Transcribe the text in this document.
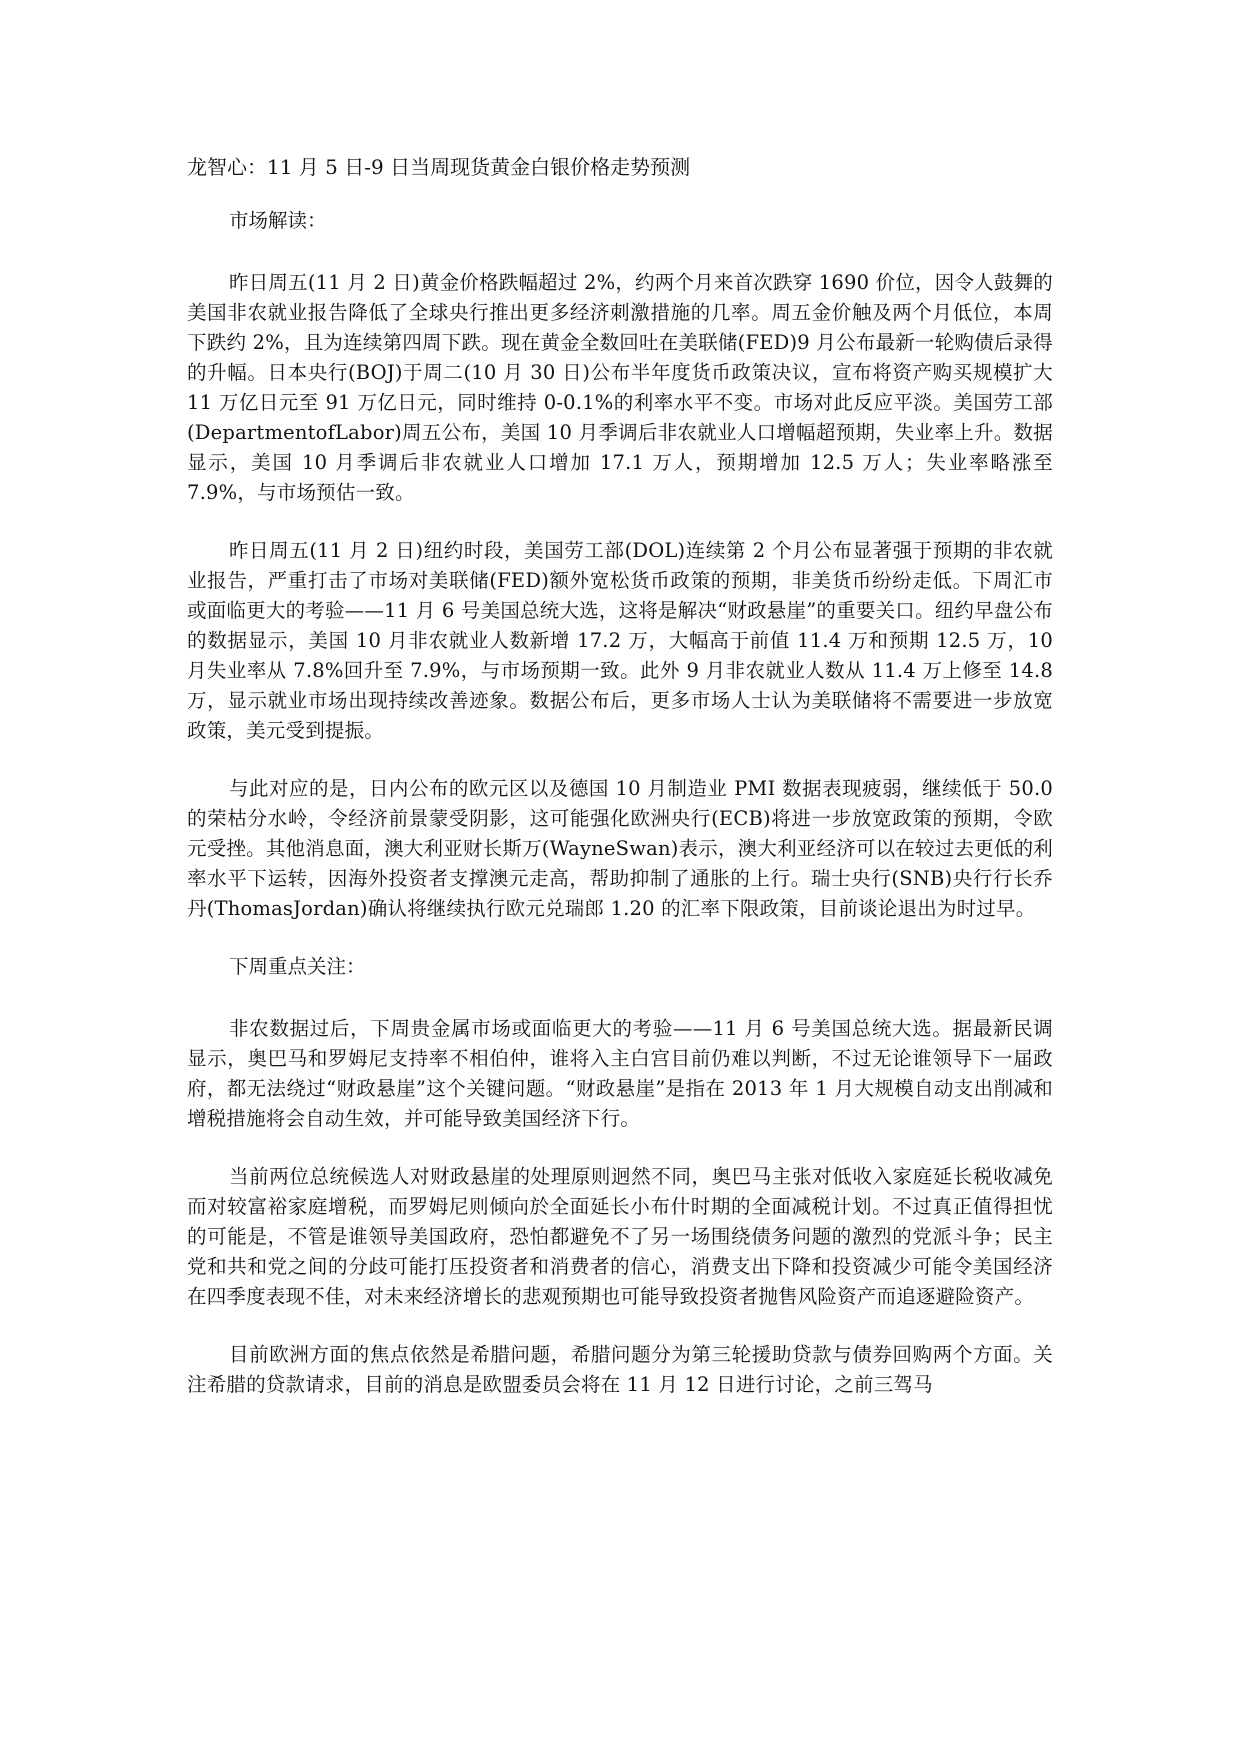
龙智心：11 月 5 日-9 日当周现货黄金白银价格走势预测
市场解读：

昨日周五(11 月 2 日)黄金价格跌幅超过 2%，约两个月来首次跌穿 1690 价位，因令人鼓舞的美国非农就业报告降低了全球央行推出更多经济刺激措施的几率。周五金价触及两个月低位，本周下跌约 2%，且为连续第四周下跌。现在黄金全数回吐在美联储(FED)9 月公布最新一轮购债后录得的升幅。日本央行(BOJ)于周二(10 月 30 日)公布半年度货币政策决议，宣布将资产购买规模扩大 11 万亿日元至 91 万亿日元，同时维持 0-0.1%的利率水平不变。市场对此反应平淡。美国劳工部(DepartmentofLabor)周五公布，美国 10 月季调后非农就业人口增幅超预期，失业率上升。数据显示，美国 10 月季调后非农就业人口增加 17.1 万人，预期增加 12.5 万人；失业率略涨至 7.9%，与市场预估一致。

昨日周五(11 月 2 日)纽约时段，美国劳工部(DOL)连续第 2 个月公布显著强于预期的非农就业报告，严重打击了市场对美联储(FED)额外宽松货币政策的预期，非美货币纷纷走低。下周汇市或面临更大的考验——11 月 6 号美国总统大选，这将是解决“财政悬崖”的重要关口。纽约早盘公布的数据显示，美国 10 月非农就业人数新增 17.2 万，大幅高于前值 11.4 万和预期 12.5 万，10 月失业率从 7.8%回升至 7.9%，与市场预期一致。此外 9 月非农就业人数从 11.4 万上修至 14.8 万，显示就业市场出现持续改善迹象。数据公布后，更多市场人士认为美联储将不需要进一步放宽政策，美元受到提振。

与此对应的是，日内公布的欧元区以及德国 10 月制造业 PMI 数据表现疲弱，继续低于 50.0 的荣枯分水岭，令经济前景蒙受阴影，这可能强化欧洲央行(ECB)将进一步放宽政策的预期，令欧元受挫。其他消息面，澳大利亚财长斯万(WayneSwan)表示，澳大利亚经济可以在较过去更低的利率水平下运转，因海外投资者支撑澳元走高，帮助抑制了通胀的上行。瑞士央行(SNB)央行行长乔丹(ThomasJordan)确认将继续执行欧元兑瑞郎 1.20 的汇率下限政策，目前谈论退出为时过早。

下周重点关注：

非农数据过后，下周贵金属市场或面临更大的考验——11 月 6 号美国总统大选。据最新民调显示，奥巴马和罗姆尼支持率不相伯仲，谁将入主白宫目前仍难以判断，不过无论谁领导下一届政府，都无法绕过“财政悬崖”这个关键问题。“财政悬崖”是指在 2013 年 1 月大规模自动支出削减和增税措施将会自动生效，并可能导致美国经济下行。

当前两位总统候选人对财政悬崖的处理原则迥然不同，奥巴马主张对低收入家庭延长税收减免而对较富裕家庭增税，而罗姆尼则倾向於全面延长小布什时期的全面减税计划。不过真正值得担忧的可能是，不管是谁领导美国政府，恐怕都避免不了另一场围绕债务问题的激烈的党派斗争；民主党和共和党之间的分歧可能打压投资者和消费者的信心，消费支出下降和投资减少可能令美国经济在四季度表现不佳，对未来经济增长的悲观预期也可能导致投资者抛售风险资产而追逐避险资产。

目前欧洲方面的焦点依然是希腊问题，希腊问题分为第三轮援助贷款与债券回购两个方面。关注希腊的贷款请求，目前的消息是欧盟委员会将在 11 月 12 日进行讨论，之前三驾马
